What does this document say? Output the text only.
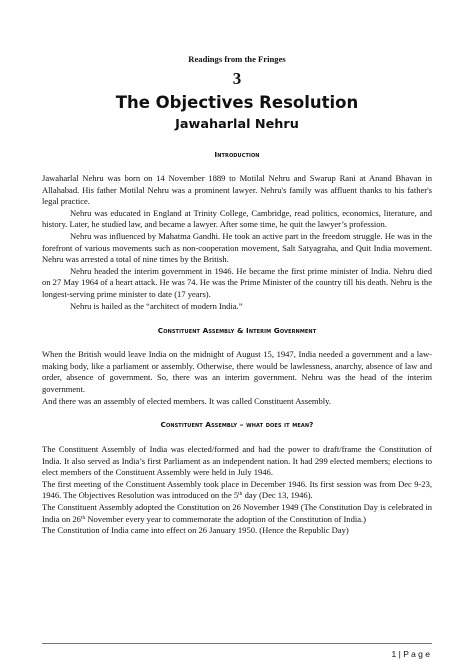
Readings from the Fringes

3

The Objectives Resolution
Jawaharlal Nehru
Introduction

Jawaharlal Nehru was born on 14 November 1889 to Motilal Nehru and Swarup Rani at Anand Bhavan in Allahabad. His father Motilal Nehru was a prominent lawyer. Nehru's family was affluent thanks to his father's legal practice.

Nehru was educated in England at Trinity College, Cambridge, read politics, economics, literature, and history. Later, he studied law, and became a lawyer. After some time, he quit the lawyer’s profession.

Nehru was influenced by Mahatma Gandhi. He took an active part in the freedom struggle. He was in the forefront of various movements such as non-cooperation movement, Salt Satyagraha, and Quit India movement. Nehru was arrested a total of nine times by the British.

Nehru headed the interim government in 1946. He became the first prime minister of India. Nehru died on 27 May 1964 of a heart attack. He was 74. He was the Prime Minister of the country till his death. Nehru is the longest-serving prime minister to date (17 years).

Nehru is hailed as the “architect of modern India.”

Constituent Assembly & Interim Government

When the British would leave India on the midnight of August 15, 1947, India needed a government and a law-making body, like a parliament or assembly. Otherwise, there would be lawlessness, anarchy, absence of law and order, absence of government. So, there was an interim government. Nehru was the head of the interim government.

And there was an assembly of elected members. It was called Constituent Assembly.

Constituent Assembly – what does it mean?

The Constituent Assembly of India was elected/formed and had the power to draft/frame the Constitution of India. It also served as India’s first Parliament as an independent nation. It had 299 elected members; elections to elect members of the Constituent Assembly were held in July 1946.

The first meeting of the Constituent Assembly took place in December 1946. Its first session was from Dec 9-23, 1946. The Objectives Resolution was introduced on the 5th day (Dec 13, 1946).

The Constituent Assembly adopted the Constitution on 26 November 1949 (The Constitution Day is celebrated in India on 26th November every year to commemorate the adoption of the Constitution of India.)

The Constitution of India came into effect on 26 January 1950. (Hence the Republic Day)

1 | P a g e
